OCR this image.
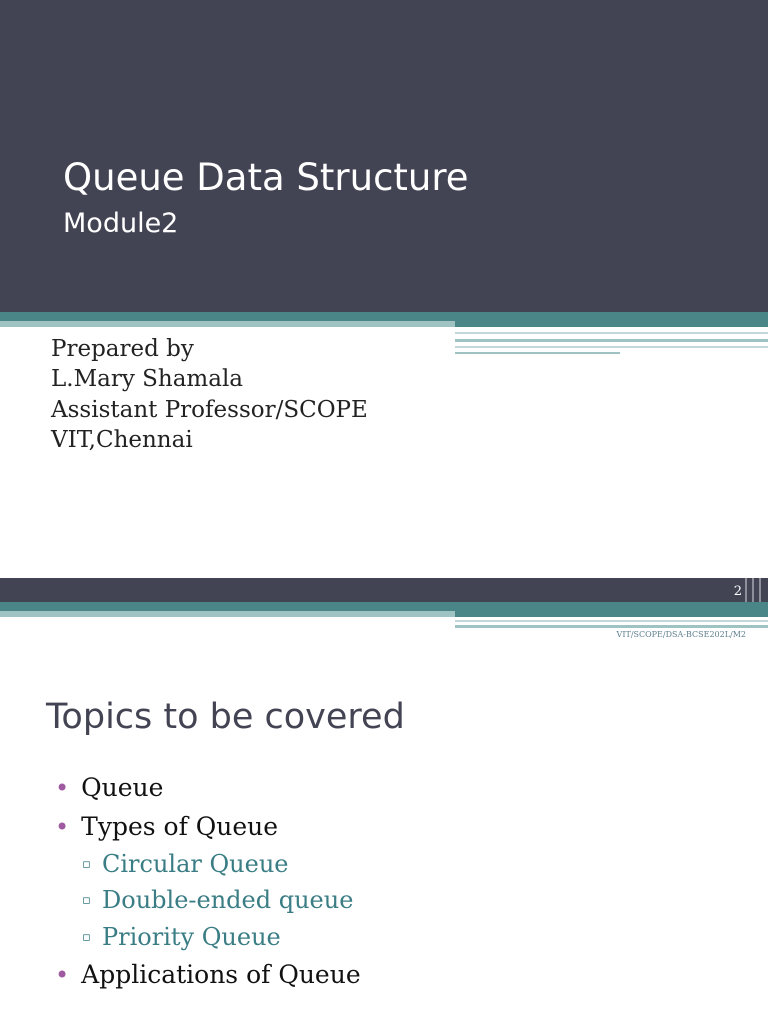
Queue Data Structure
Module2
Prepared by
L.Mary Shamala
Assistant Professor/SCOPE
VIT,Chennai
2
VIT/SCOPE/DSA-BCSE202L/M2
Topics to be covered
• Queue
• Types of Queue
▫ Circular Queue
▫ Double-ended queue
▫ Priority Queue
• Applications of Queue
